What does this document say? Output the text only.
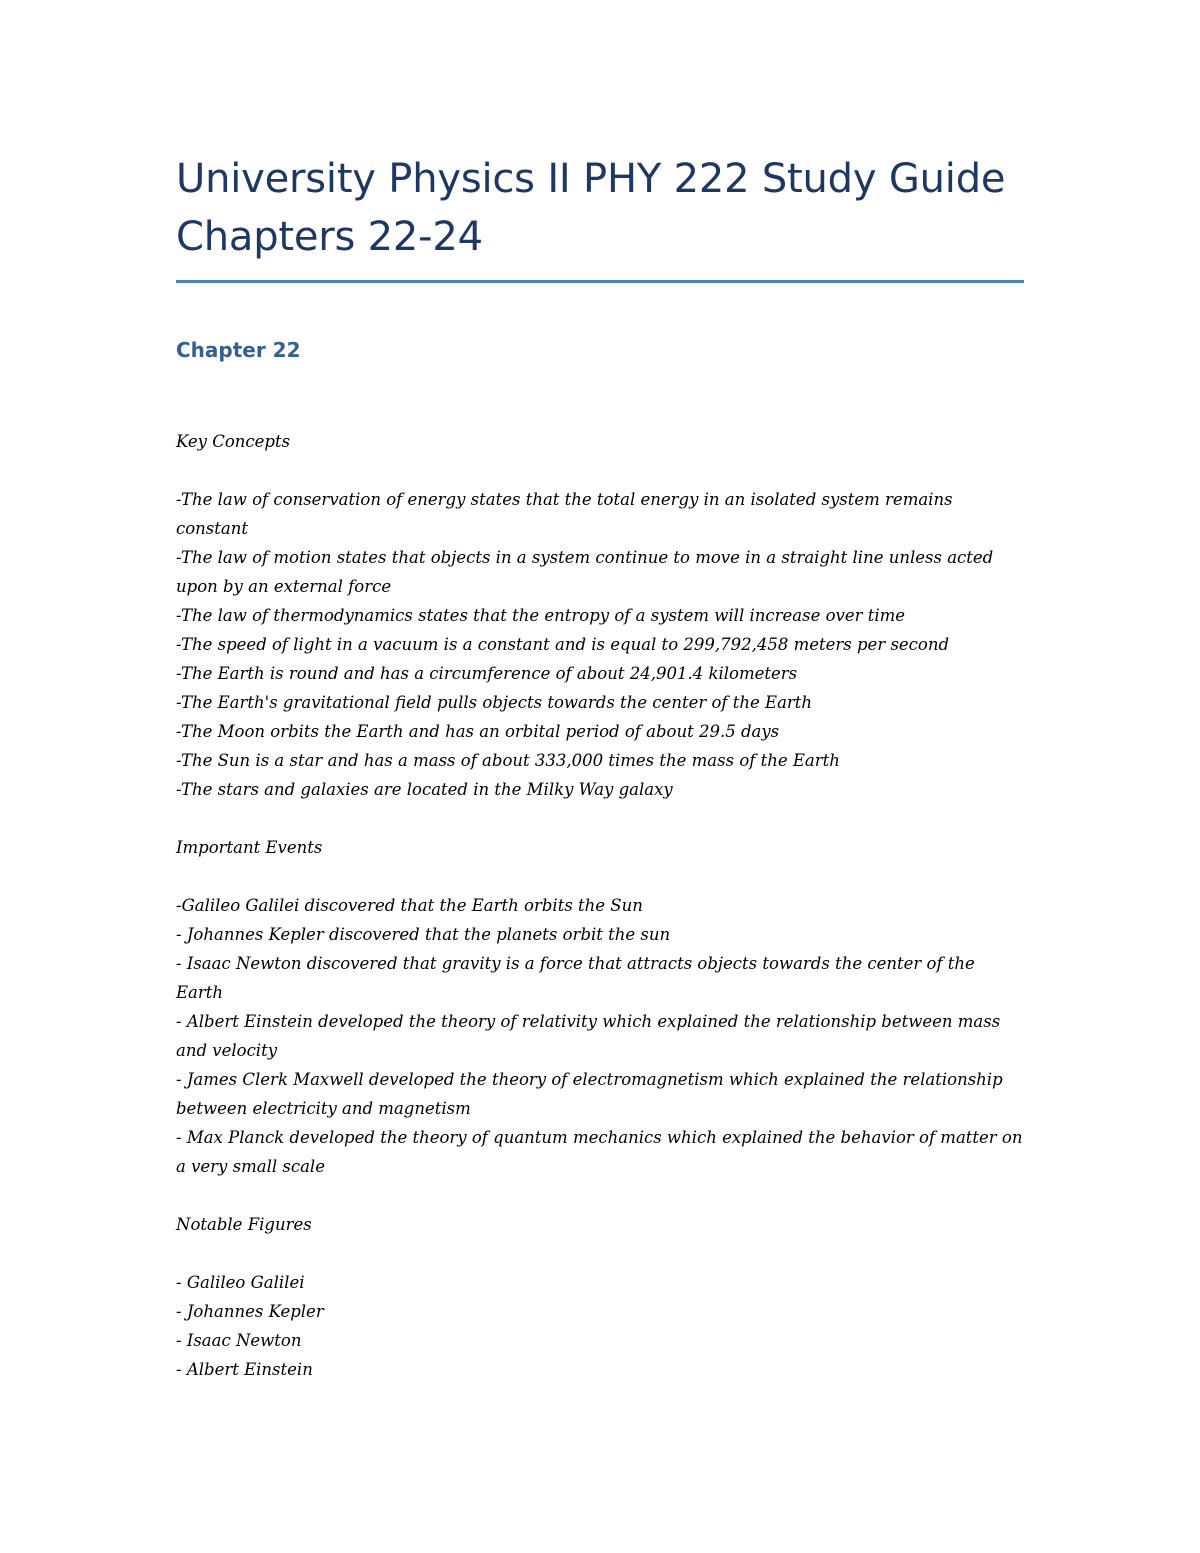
University Physics II PHY 222 Study Guide Chapters 22-24
Chapter 22

Key Concepts

-The law of conservation of energy states that the total energy in an isolated system remains constant
-The law of motion states that objects in a system continue to move in a straight line unless acted upon by an external force
-The law of thermodynamics states that the entropy of a system will increase over time
-The speed of light in a vacuum is a constant and is equal to 299,792,458 meters per second
-The Earth is round and has a circumference of about 24,901.4 kilometers
-The Earth's gravitational field pulls objects towards the center of the Earth
-The Moon orbits the Earth and has an orbital period of about 29.5 days
-The Sun is a star and has a mass of about 333,000 times the mass of the Earth
-The stars and galaxies are located in the Milky Way galaxy

Important Events

-Galileo Galilei discovered that the Earth orbits the Sun
- Johannes Kepler discovered that the planets orbit the sun
- Isaac Newton discovered that gravity is a force that attracts objects towards the center of the Earth
- Albert Einstein developed the theory of relativity which explained the relationship between mass and velocity
- James Clerk Maxwell developed the theory of electromagnetism which explained the relationship between electricity and magnetism
- Max Planck developed the theory of quantum mechanics which explained the behavior of matter on a very small scale

Notable Figures

- Galileo Galilei
- Johannes Kepler
- Isaac Newton
- Albert Einstein
